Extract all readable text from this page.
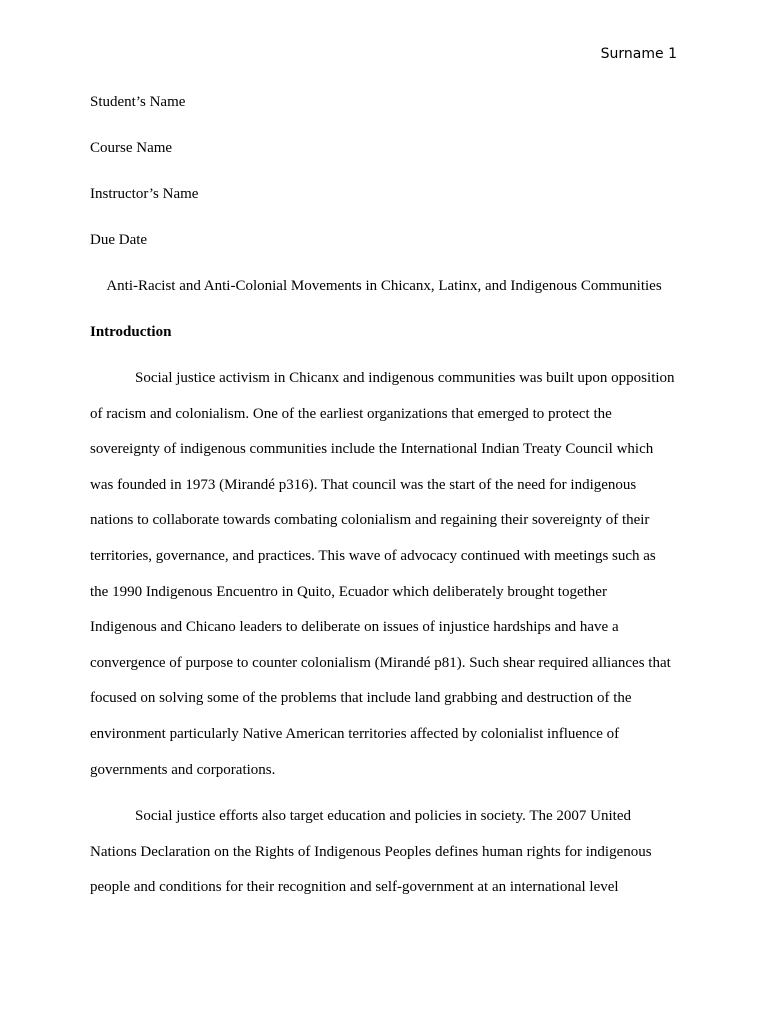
Surname 1
Student’s Name
Course Name
Instructor’s Name
Due Date
Anti-Racist and Anti-Colonial Movements in Chicanx, Latinx, and Indigenous Communities
Introduction
Social justice activism in Chicanx and indigenous communities was built upon opposition
of racism and colonialism. One of the earliest organizations that emerged to protect the
sovereignty of indigenous communities include the International Indian Treaty Council which
was founded in 1973 (Mirandé p316). That council was the start of the need for indigenous
nations to collaborate towards combating colonialism and regaining their sovereignty of their
territories, governance, and practices. This wave of advocacy continued with meetings such as
the 1990 Indigenous Encuentro in Quito, Ecuador which deliberately brought together
Indigenous and Chicano leaders to deliberate on issues of injustice hardships and have a
convergence of purpose to counter colonialism (Mirandé p81). Such shear required alliances that
focused on solving some of the problems that include land grabbing and destruction of the
environment particularly Native American territories affected by colonialist influence of
governments and corporations.
Social justice efforts also target education and policies in society. The 2007 United
Nations Declaration on the Rights of Indigenous Peoples defines human rights for indigenous
people and conditions for their recognition and self-government at an international level
